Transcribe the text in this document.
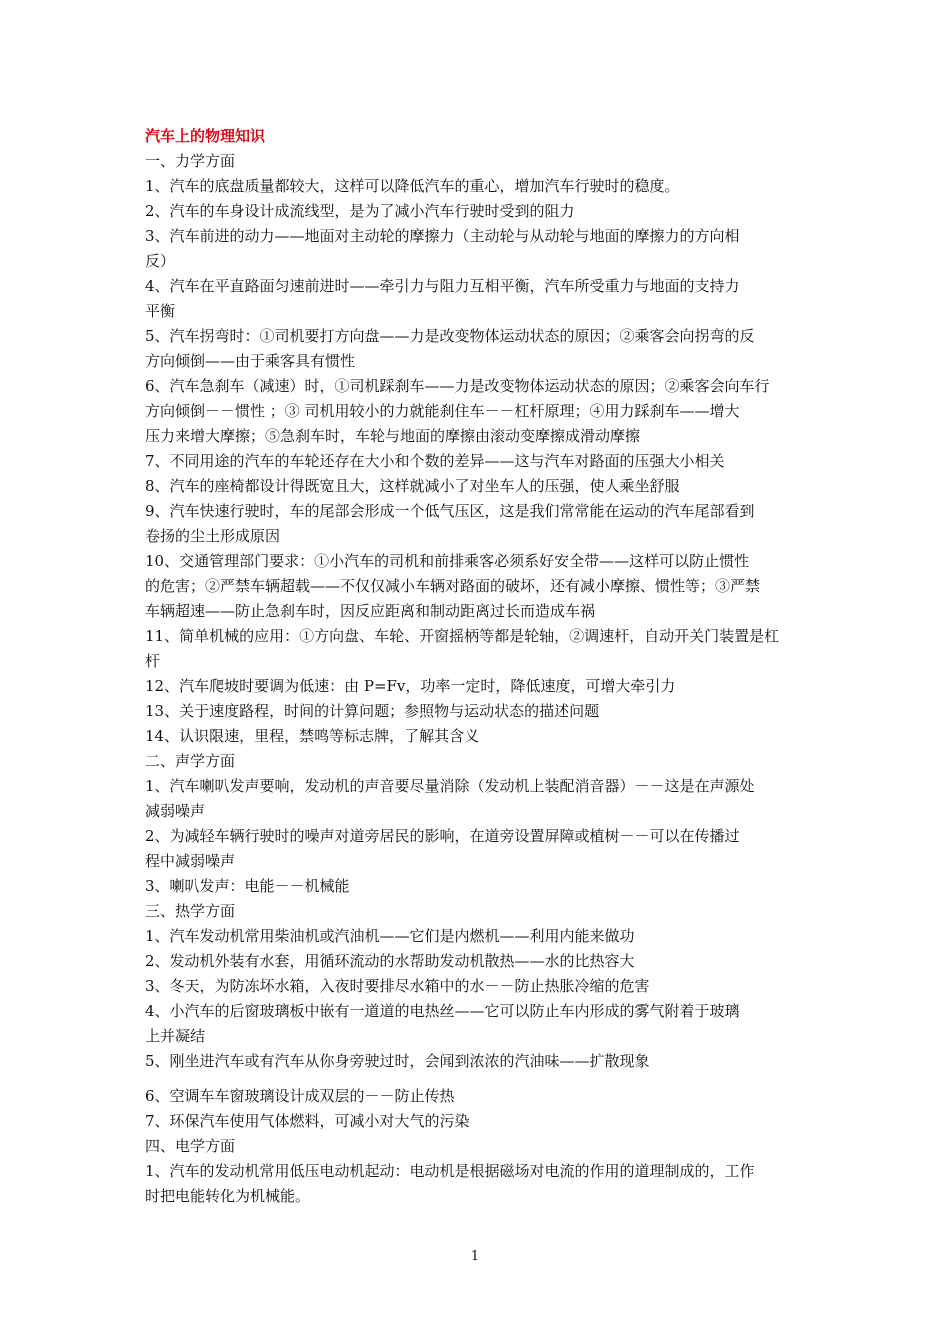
汽车上的物理知识
一、力学方面
1、汽车的底盘质量都较大，这样可以降低汽车的重心，增加汽车行驶时的稳度。
2、汽车的车身设计成流线型，是为了减小汽车行驶时受到的阻力
3、汽车前进的动力——地面对主动轮的摩擦力（主动轮与从动轮与地面的摩擦力的方向相
反）
4、汽车在平直路面匀速前进时——牵引力与阻力互相平衡，汽车所受重力与地面的支持力
平衡
5、汽车拐弯时：①司机要打方向盘——力是改变物体运动状态的原因；②乘客会向拐弯的反
方向倾倒——由于乘客具有惯性
6、汽车急刹车（减速）时，①司机踩刹车——力是改变物体运动状态的原因；②乘客会向车行
方向倾倒－－惯性 ；③ 司机用较小的力就能刹住车－－杠杆原理；④用力踩刹车——增大
压力来增大摩擦；⑤急刹车时，车轮与地面的摩擦由滚动变摩擦成滑动摩擦
7、不同用途的汽车的车轮还存在大小和个数的差异——这与汽车对路面的压强大小相关
8、汽车的座椅都设计得既宽且大，这样就减小了对坐车人的压强，使人乘坐舒服
9、汽车快速行驶时，车的尾部会形成一个低气压区，这是我们常常能在运动的汽车尾部看到
卷扬的尘土形成原因
10、交通管理部门要求：①小汽车的司机和前排乘客必须系好安全带——这样可以防止惯性
的危害；②严禁车辆超载——不仅仅减小车辆对路面的破坏，还有减小摩擦、惯性等；③严禁
车辆超速——防止急刹车时，因反应距离和制动距离过长而造成车祸
11、简单机械的应用：①方向盘、车轮、开窗摇柄等都是轮轴，②调速杆，自动开关门装置是杠
杆
12、汽车爬坡时要调为低速：由 P=Fv，功率一定时，降低速度，可增大牵引力
13、关于速度路程，时间的计算问题；参照物与运动状态的描述问题
14、认识限速，里程，禁鸣等标志牌，了解其含义
二、声学方面
1、汽车喇叭发声要响，发动机的声音要尽量消除（发动机上装配消音器）－－这是在声源处
减弱噪声
2、为减轻车辆行驶时的噪声对道旁居民的影响，在道旁设置屏障或植树－－可以在传播过
程中减弱噪声
3、喇叭发声：电能－－机械能
三、热学方面
1、汽车发动机常用柴油机或汽油机——它们是内燃机——利用内能来做功
2、发动机外装有水套，用循环流动的水帮助发动机散热——水的比热容大
3、冬天，为防冻坏水箱，入夜时要排尽水箱中的水－－防止热胀冷缩的危害
4、小汽车的后窗玻璃板中嵌有一道道的电热丝——它可以防止车内形成的雾气附着于玻璃
上并凝结
5、刚坐进汽车或有汽车从你身旁驶过时，会闻到浓浓的汽油味——扩散现象
6、空调车车窗玻璃设计成双层的－－防止传热
7、环保汽车使用气体燃料，可减小对大气的污染
四、电学方面
1、汽车的发动机常用低压电动机起动：电动机是根据磁场对电流的作用的道理制成的，工作
时把电能转化为机械能。
1
